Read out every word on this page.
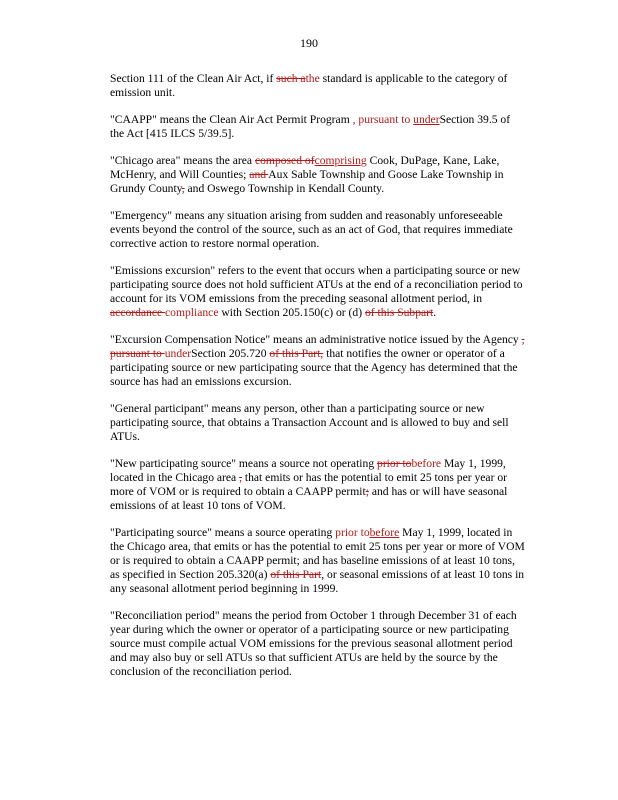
190

Section 111 of the Clean Air Act, if such athe standard is applicable to the category of
emission unit.

"CAAPP" means the Clean Air Act Permit Program , pursuant to underSection 39.5 of
the Act [415 ILCS 5/39.5].

"Chicago area" means the area composed ofcomprising Cook, DuPage, Kane, Lake,
McHenry, and Will Counties; and Aux Sable Township and Goose Lake Township in
Grundy County, and Oswego Township in Kendall County.

"Emergency" means any situation arising from sudden and reasonably unforeseeable
events beyond the control of the source, such as an act of God, that requires immediate
corrective action to restore normal operation.

"Emissions excursion" refers to the event that occurs when a participating source or new
participating source does not hold sufficient ATUs at the end of a reconciliation period to
account for its VOM emissions from the preceding seasonal allotment period, in
accordance compliance with Section 205.150(c) or (d) of this Subpart.

"Excursion Compensation Notice" means an administrative notice issued by the Agency ,
pursuant to underSection 205.720 of this Part, that notifies the owner or operator of a
participating source or new participating source that the Agency has determined that the
source has had an emissions excursion.

"General participant" means any person, other than a participating source or new
participating source, that obtains a Transaction Account and is allowed to buy and sell
ATUs.

"New participating source" means a source not operating prior tobefore May 1, 1999,
located in the Chicago area , that emits or has the potential to emit 25 tons per year or
more of VOM or is required to obtain a CAAPP permit; and has or will have seasonal
emissions of at least 10 tons of VOM.

"Participating source" means a source operating prior tobefore May 1, 1999, located in
the Chicago area, that emits or has the potential to emit 25 tons per year or more of VOM
or is required to obtain a CAAPP permit; and has baseline emissions of at least 10 tons,
as specified in Section 205.320(a) of this Part, or seasonal emissions of at least 10 tons in
any seasonal allotment period beginning in 1999.

"Reconciliation period" means the period from October 1 through December 31 of each
year during which the owner or operator of a participating source or new participating
source must compile actual VOM emissions for the previous seasonal allotment period
and may also buy or sell ATUs so that sufficient ATUs are held by the source by the
conclusion of the reconciliation period.
